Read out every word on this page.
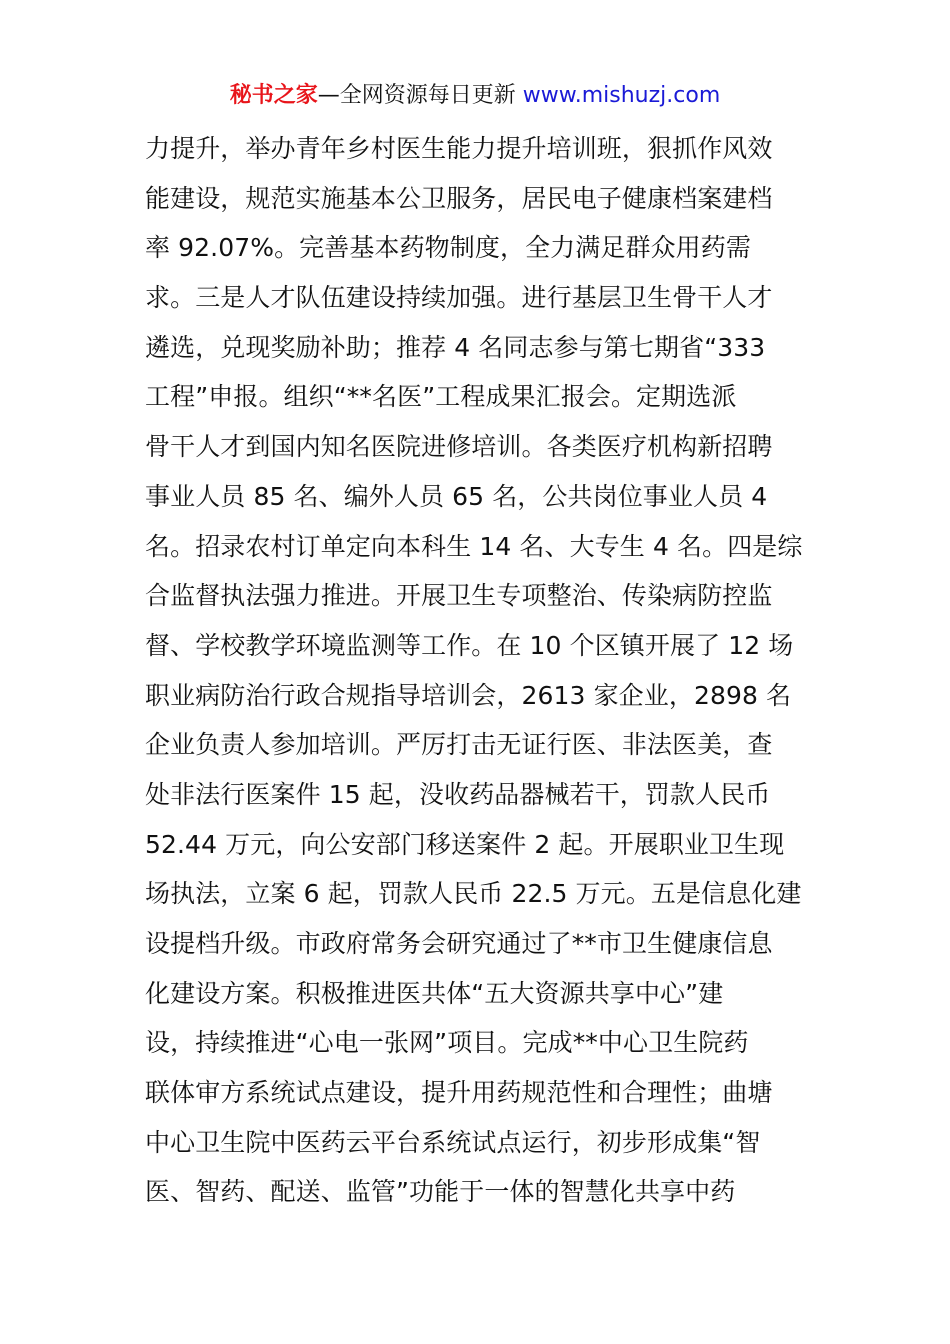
秘书之家—全网资源每日更新 www.mishuzj.com
力提升，举办青年乡村医生能力提升培训班，狠抓作风效
能建设，规范实施基本公卫服务，居民电子健康档案建档
率 92.07%。完善基本药物制度，全力满足群众用药需
求。三是人才队伍建设持续加强。进行基层卫生骨干人才
遴选，兑现奖励补助；推荐 4 名同志参与第七期省“333
工程”申报。组织“**名医”工程成果汇报会。定期选派
骨干人才到国内知名医院进修培训。各类医疗机构新招聘
事业人员 85 名、编外人员 65 名，公共岗位事业人员 4
名。招录农村订单定向本科生 14 名、大专生 4 名。四是综
合监督执法强力推进。开展卫生专项整治、传染病防控监
督、学校教学环境监测等工作。在 10 个区镇开展了 12 场
职业病防治行政合规指导培训会，2613 家企业，2898 名
企业负责人参加培训。严厉打击无证行医、非法医美，查
处非法行医案件 15 起，没收药品器械若干，罚款人民币
52.44 万元，向公安部门移送案件 2 起。开展职业卫生现
场执法，立案 6 起，罚款人民币 22.5 万元。五是信息化建
设提档升级。市政府常务会研究通过了**市卫生健康信息
化建设方案。积极推进医共体“五大资源共享中心”建
设，持续推进“心电一张网”项目。完成**中心卫生院药
联体审方系统试点建设，提升用药规范性和合理性；曲塘
中心卫生院中医药云平台系统试点运行，初步形成集“智
医、智药、配送、监管”功能于一体的智慧化共享中药
